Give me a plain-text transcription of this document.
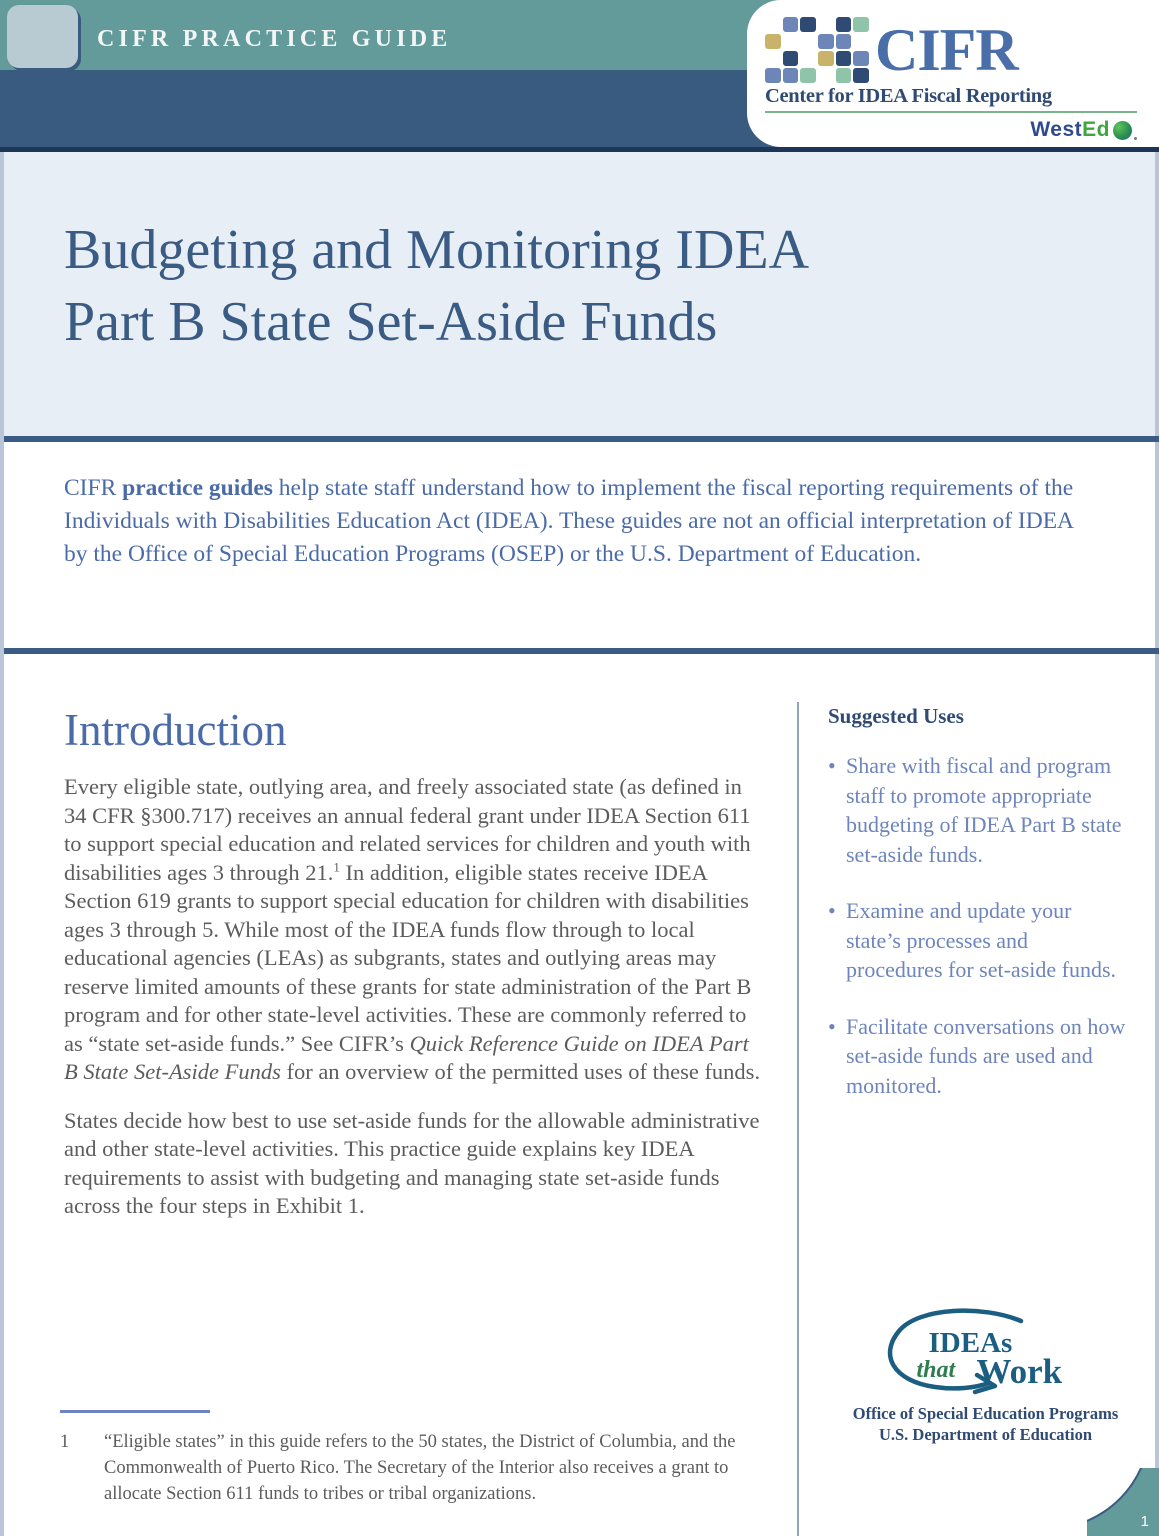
CIFR PRACTICE GUIDE	CIFR
Center for IDEA Fiscal Reporting
West Ed
Budgeting and Monitoring IDEA
Part B State Set-Aside Funds

CIFR practice guides help state staff understand how to implement the fiscal reporting requirements of the Individuals with Disabilities Education Act (IDEA). These guides are not an official interpretation of IDEA by the Office of Special Education Programs (OSEP) or the U.S. Department of Education.

Introduction

Every eligible state, outlying area, and freely associated state (as defined in 34 CFR §300.717) receives an annual federal grant under IDEA Section 611 to support special education and related services for children and youth with disabilities ages 3 through 21.$^1$ In addition, eligible states receive IDEA Section 619 grants to support special education for children with disabilities ages 3 through 5. While most of the IDEA funds flow through to local educational agencies (LEAs) as subgrants, states and outlying areas may reserve limited amounts of these grants for state administration of the Part B program and for other state-level activities. These are commonly referred to as “state set-aside funds.” See CIFR’s Quick Reference Guide on IDEA Part B State Set-Aside Funds for an overview of the permitted uses of these funds.

States decide how best to use set-aside funds for the allowable administrative and other state-level activities. This practice guide explains key IDEA requirements to assist with budgeting and managing state set-aside funds across the four steps in Exhibit 1.

Suggested Uses
• Share with fiscal and program staff to promote appropriate budgeting of IDEA Part B state set-aside funds.
• Examine and update your state’s processes and procedures for set-aside funds.
• Facilitate conversations on how set-aside funds are used and monitored.
IDEAs
that Work
Office of Special Education Programs
U.S. Department of Education
1	“Eligible states” in this guide refers to the 50 states, the District of Columbia, and the Commonwealth of Puerto Rico. The Secretary of the Interior also receives a grant to allocate Section 611 funds to tribes or tribal organizations.
1
